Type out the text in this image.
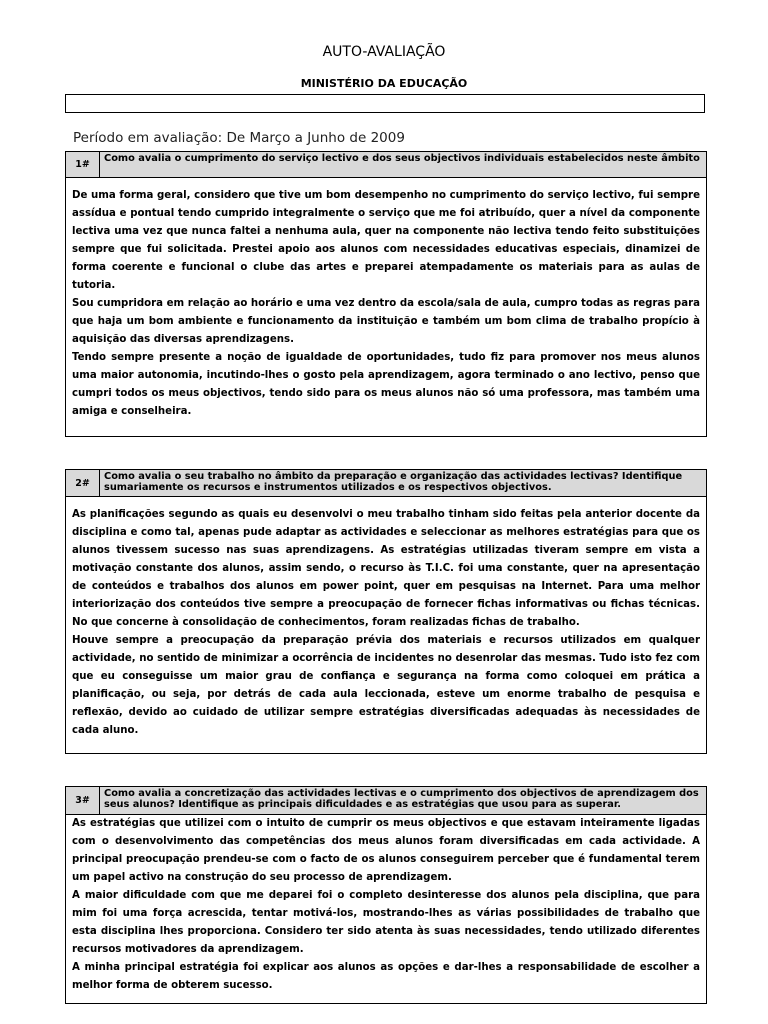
AUTO-AVALIAÇÃO
MINISTÉRIO DA EDUCAÇÃO
Período em avaliação: De Março a Junho de 2009
1#
Como avalia o cumprimento do serviço lectivo e dos seus objectivos individuais estabelecidos neste âmbito

De uma forma geral, considero que tive um bom desempenho no cumprimento do serviço lectivo, fui sempre assídua e pontual tendo cumprido integralmente o serviço que me foi atribuído, quer a nível da componente lectiva uma vez que nunca faltei a nenhuma aula, quer na componente não lectiva tendo feito substituições sempre que fui solicitada. Prestei apoio aos alunos com necessidades educativas especiais, dinamizei de forma coerente e funcional o clube das artes e preparei atempadamente os materiais para as aulas de tutoria.

Sou cumpridora em relação ao horário e uma vez dentro da escola/sala de aula, cumpro todas as regras para que haja um bom ambiente e funcionamento da instituição e também um bom clima de trabalho propício à aquisição das diversas aprendizagens.

Tendo sempre presente a noção de igualdade de oportunidades, tudo fiz para promover nos meus alunos uma maior autonomia, incutindo-lhes o gosto pela aprendizagem, agora terminado o ano lectivo, penso que cumpri todos os meus objectivos, tendo sido para os meus alunos não só uma professora, mas também uma amiga e conselheira.

2#
Como avalia o seu trabalho no âmbito da preparação e organização das actividades lectivas? Identifique sumariamente os recursos e instrumentos utilizados e os respectivos objectivos.

As planificações segundo as quais eu desenvolvi o meu trabalho tinham sido feitas pela anterior docente da disciplina e como tal, apenas pude adaptar as actividades e seleccionar as melhores estratégias para que os alunos tivessem sucesso nas suas aprendizagens. As estratégias utilizadas tiveram sempre em vista a motivação constante dos alunos, assim sendo, o recurso às T.I.C. foi uma constante, quer na apresentação de conteúdos e trabalhos dos alunos em power point, quer em pesquisas na Internet. Para uma melhor interiorização dos conteúdos tive sempre a preocupação de fornecer fichas informativas ou fichas técnicas. No que concerne à consolidação de conhecimentos, foram realizadas fichas de trabalho.

Houve sempre a preocupação da preparação prévia dos materiais e recursos utilizados em qualquer actividade, no sentido de minimizar a ocorrência de incidentes no desenrolar das mesmas. Tudo isto fez com que eu conseguisse um maior grau de confiança e segurança na forma como coloquei em prática a planificação, ou seja, por detrás de cada aula leccionada, esteve um enorme trabalho de pesquisa e reflexão, devido ao cuidado de utilizar sempre estratégias diversificadas adequadas às necessidades de cada aluno.

3#
Como avalia a concretização das actividades lectivas e o cumprimento dos objectivos de aprendizagem dos seus alunos? Identifique as principais dificuldades e as estratégias que usou para as superar.

As estratégias que utilizei com o intuito de cumprir os meus objectivos e que estavam inteiramente ligadas com o desenvolvimento das competências dos meus alunos foram diversificadas em cada actividade. A principal preocupação prendeu-se com o facto de os alunos conseguirem perceber que é fundamental terem um papel activo na construção do seu processo de aprendizagem.

A maior dificuldade com que me deparei foi o completo desinteresse dos alunos pela disciplina, que para mim foi uma força acrescida, tentar motivá-los, mostrando-lhes as várias possibilidades de trabalho que esta disciplina lhes proporciona. Considero ter sido atenta às suas necessidades, tendo utilizado diferentes recursos motivadores da aprendizagem.

A minha principal estratégia foi explicar aos alunos as opções e dar-lhes a responsabilidade de escolher a melhor forma de obterem sucesso.
